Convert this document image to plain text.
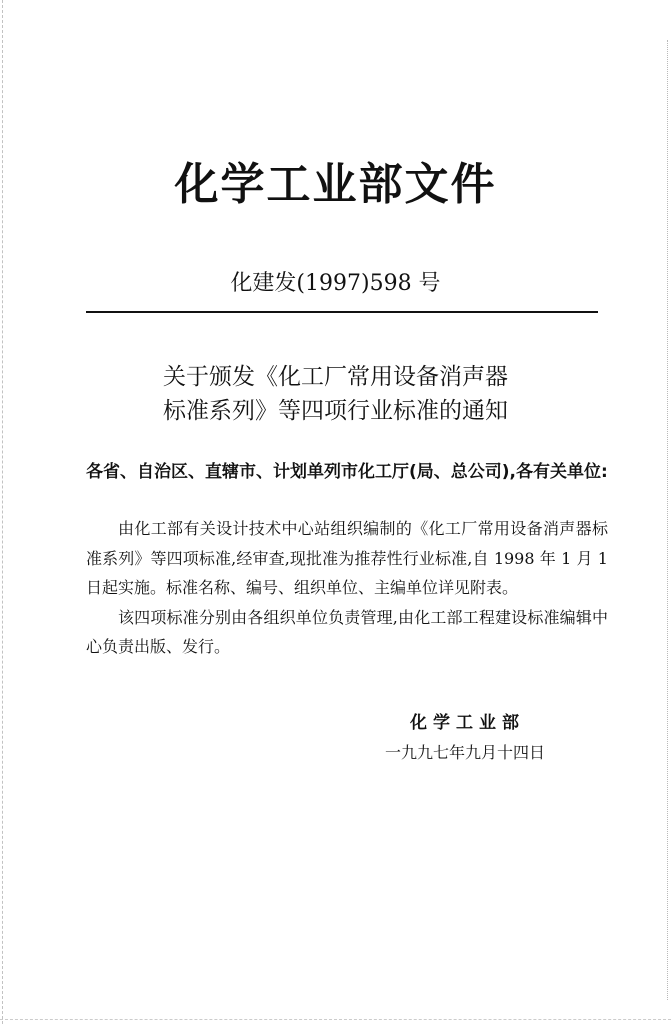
化学工业部文件
化建发(1997)598 号
关于颁发《化工厂常用设备消声器
标准系列》等四项行业标准的通知
各省、自治区、直辖市、计划单列市化工厅(局、总公司),各有关单位:

由化工部有关设计技术中心站组织编制的《化工厂常用设备消声器标准系列》等四项标准,经审查,现批准为推荐性行业标准,自 1998 年 1 月 1 日起实施。标准名称、编号、组织单位、主编单位详见附表。

该四项标准分别由各组织单位负责管理,由化工部工程建设标准编辑中心负责出版、发行。

化学工业部
一九九七年九月十四日
